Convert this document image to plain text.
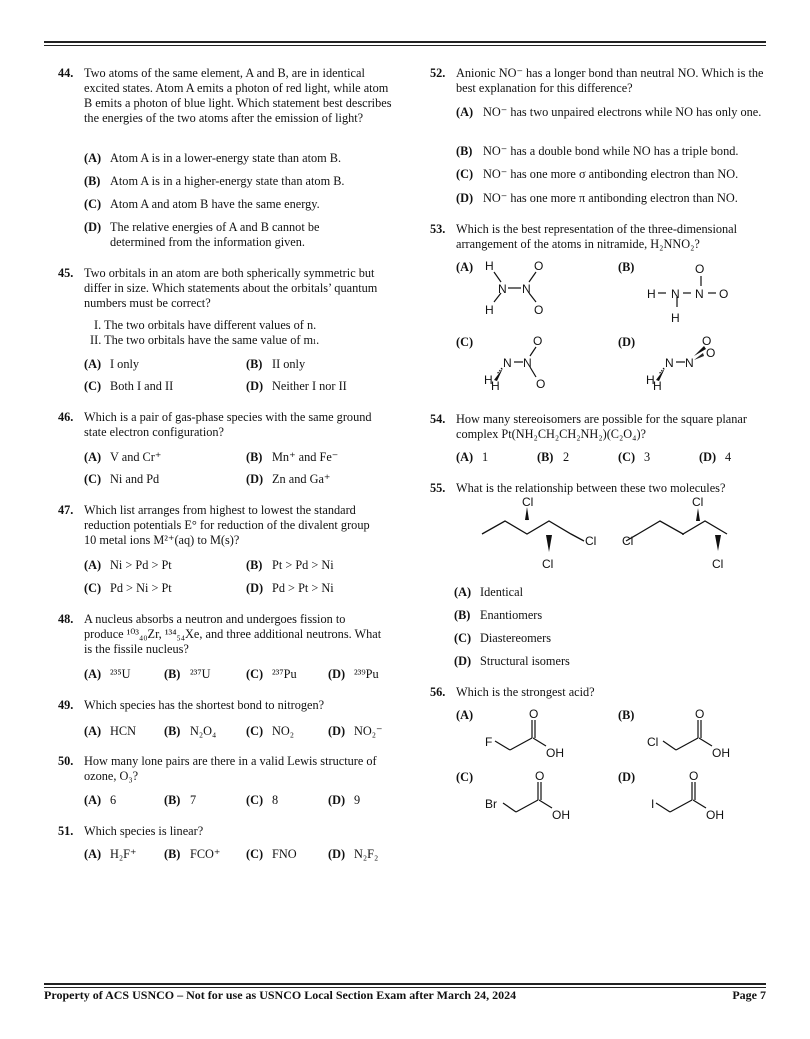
44. Two atoms of the same element, A and B, are in identical excited states. Atom A emits a photon of red light, while atom B emits a photon of blue light. Which statement best describes the energies of the two atoms after the emission of light?
(A) Atom A is in a lower-energy state than atom B.
(B) Atom A is in a higher-energy state than atom B.
(C) Atom A and atom B have the same energy.
(D) The relative energies of A and B cannot be determined from the information given.
45. Two orbitals in an atom are both spherically symmetric but differ in size. Which statements about the orbitals’ quantum numbers must be correct?
I. The two orbitals have different values of n.
II. The two orbitals have the same value of mₗ.
(A) I only	(B) II only
(C) Both I and II	(D) Neither I nor II
46. Which is a pair of gas-phase species with the same ground state electron configuration?
(A) V and Cr⁺	(B) Mn⁺ and Fe⁻
(C) Ni and Pd	(D) Zn and Ga⁺
47. Which list arranges from highest to lowest the standard reduction potentials E° for reduction of the divalent group 10 metal ions M²⁺(aq) to M(s)?
(A) Ni > Pd > Pt	(B) Pt > Pd > Ni
(C) Pd > Ni > Pt	(D) Pd > Pt > Ni
48. A nucleus absorbs a neutron and undergoes fission to produce ¹⁰³₄₀Zr, ¹³⁴₅₄Xe, and three additional neutrons. What is the fissile nucleus?
(A) ²³⁵U	(B) ²³⁷U	(C) ²³⁷Pu	(D) ²³⁹Pu
49. Which species has the shortest bond to nitrogen?
(A) HCN (B) N₂O₄ (C) NO₂	(D) NO₂⁻
50. How many lone pairs are there in a valid Lewis structure of ozone, O₃?
(A) 6	(B) 7	(C) 8	(D) 9
51. Which species is linear?
(A) H₂F⁺ (B) FCO⁺ (C) FNO	(D) N₂F₂
52. Anionic NO⁻ has a longer bond than neutral NO. Which is the best explanation for this difference?
(A) NO⁻ has two unpaired electrons while NO has only one.
(B) NO⁻ has a double bond while NO has a triple bond.
(C) NO⁻ has one more σ antibonding electron than NO.
(D) NO⁻ has one more π antibonding electron than NO.
53. Which is the best representation of the three-dimensional arrangement of the atoms in nitramide, H₂NNO₂?
(A)	(B)
(C)	(D)
H
H
N N
O
O
H N N O
O
H
N N
O
O
H
H
N N
O
O
H
H
54. How many stereoisomers are possible for the square planar complex Pt(NH₂CH₂CH₂NH₂)(C₂O₄)?
(A) 1	(B) 2	(C) 3	(D) 4
55. What is the relationship between these two molecules?
Cl
Cl
Cl
Cl
Cl
Cl
(A) Identical
(B) Enantiomers
(C) Diastereomers
(D) Structural isomers
56. Which is the strongest acid?
(A)	(B)
(C)	(D)
F
O
OH
Cl
O
OH
Br
O
OH
I
O
OH
Property of ACS USNCO – Not for use as USNCO Local Section Exam after March 24, 2024	Page 7
